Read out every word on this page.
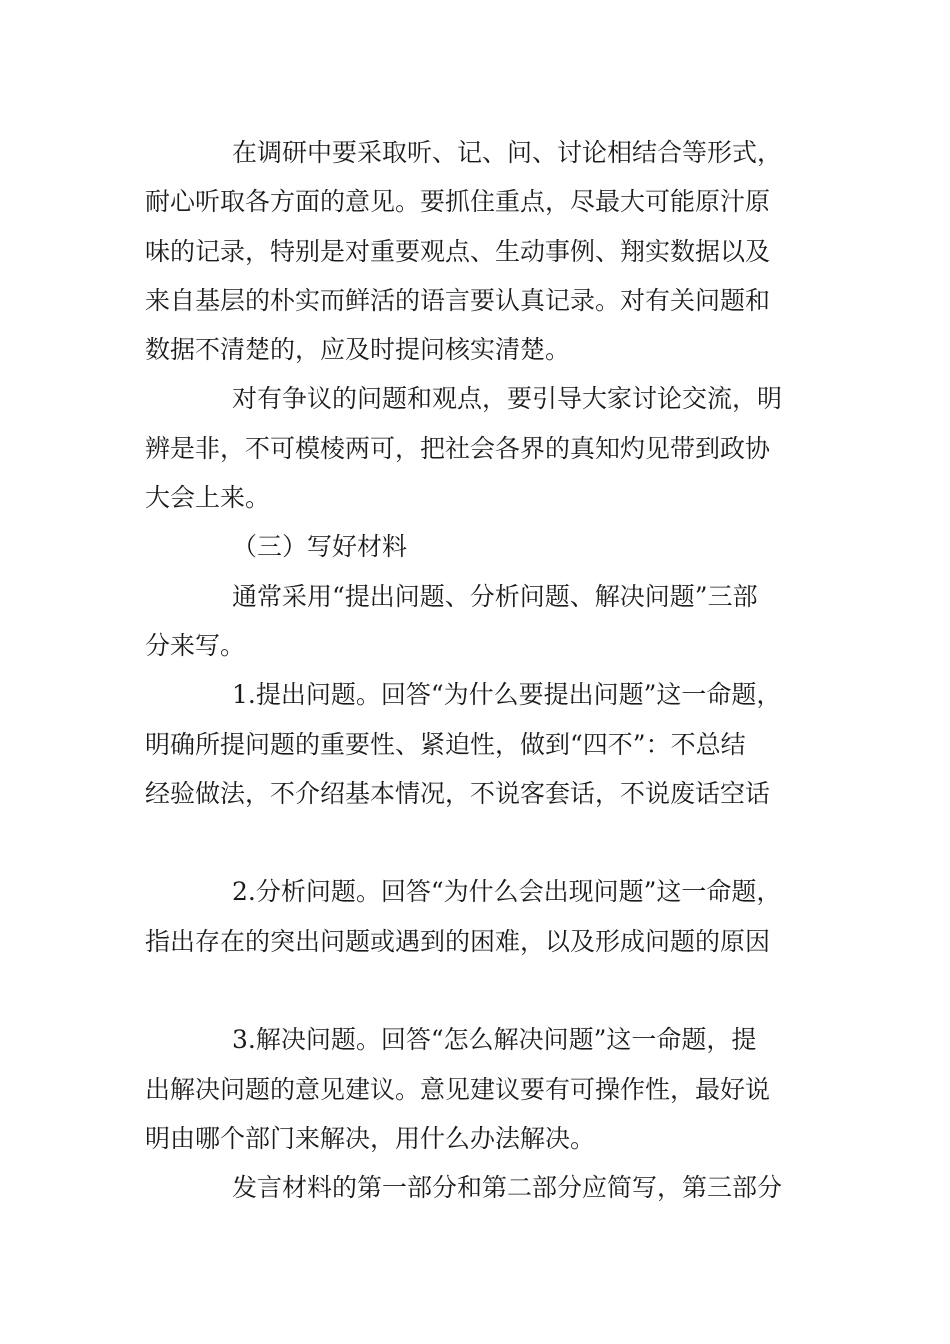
在调研中要采取听、记、问、讨论相结合等形式，
耐心听取各方面的意见。要抓住重点，尽最大可能原汁原
味的记录，特别是对重要观点、生动事例、翔实数据以及
来自基层的朴实而鲜活的语言要认真记录。对有关问题和
数据不清楚的，应及时提问核实清楚。
对有争议的问题和观点，要引导大家讨论交流，明
辨是非，不可模棱两可，把社会各界的真知灼见带到政协
大会上来。
（三）写好材料
通常采用“提出问题、分析问题、解决问题”三部
分来写。
1.提出问题。回答“为什么要提出问题”这一命题，
明确所提问题的重要性、紧迫性，做到“四不”：不总结
经验做法，不介绍基本情况，不说客套话，不说废话空话
2.分析问题。回答“为什么会出现问题”这一命题，
指出存在的突出问题或遇到的困难，以及形成问题的原因
3.解决问题。回答“怎么解决问题”这一命题，提
出解决问题的意见建议。意见建议要有可操作性，最好说
明由哪个部门来解决，用什么办法解决。
发言材料的第一部分和第二部分应简写，第三部分
